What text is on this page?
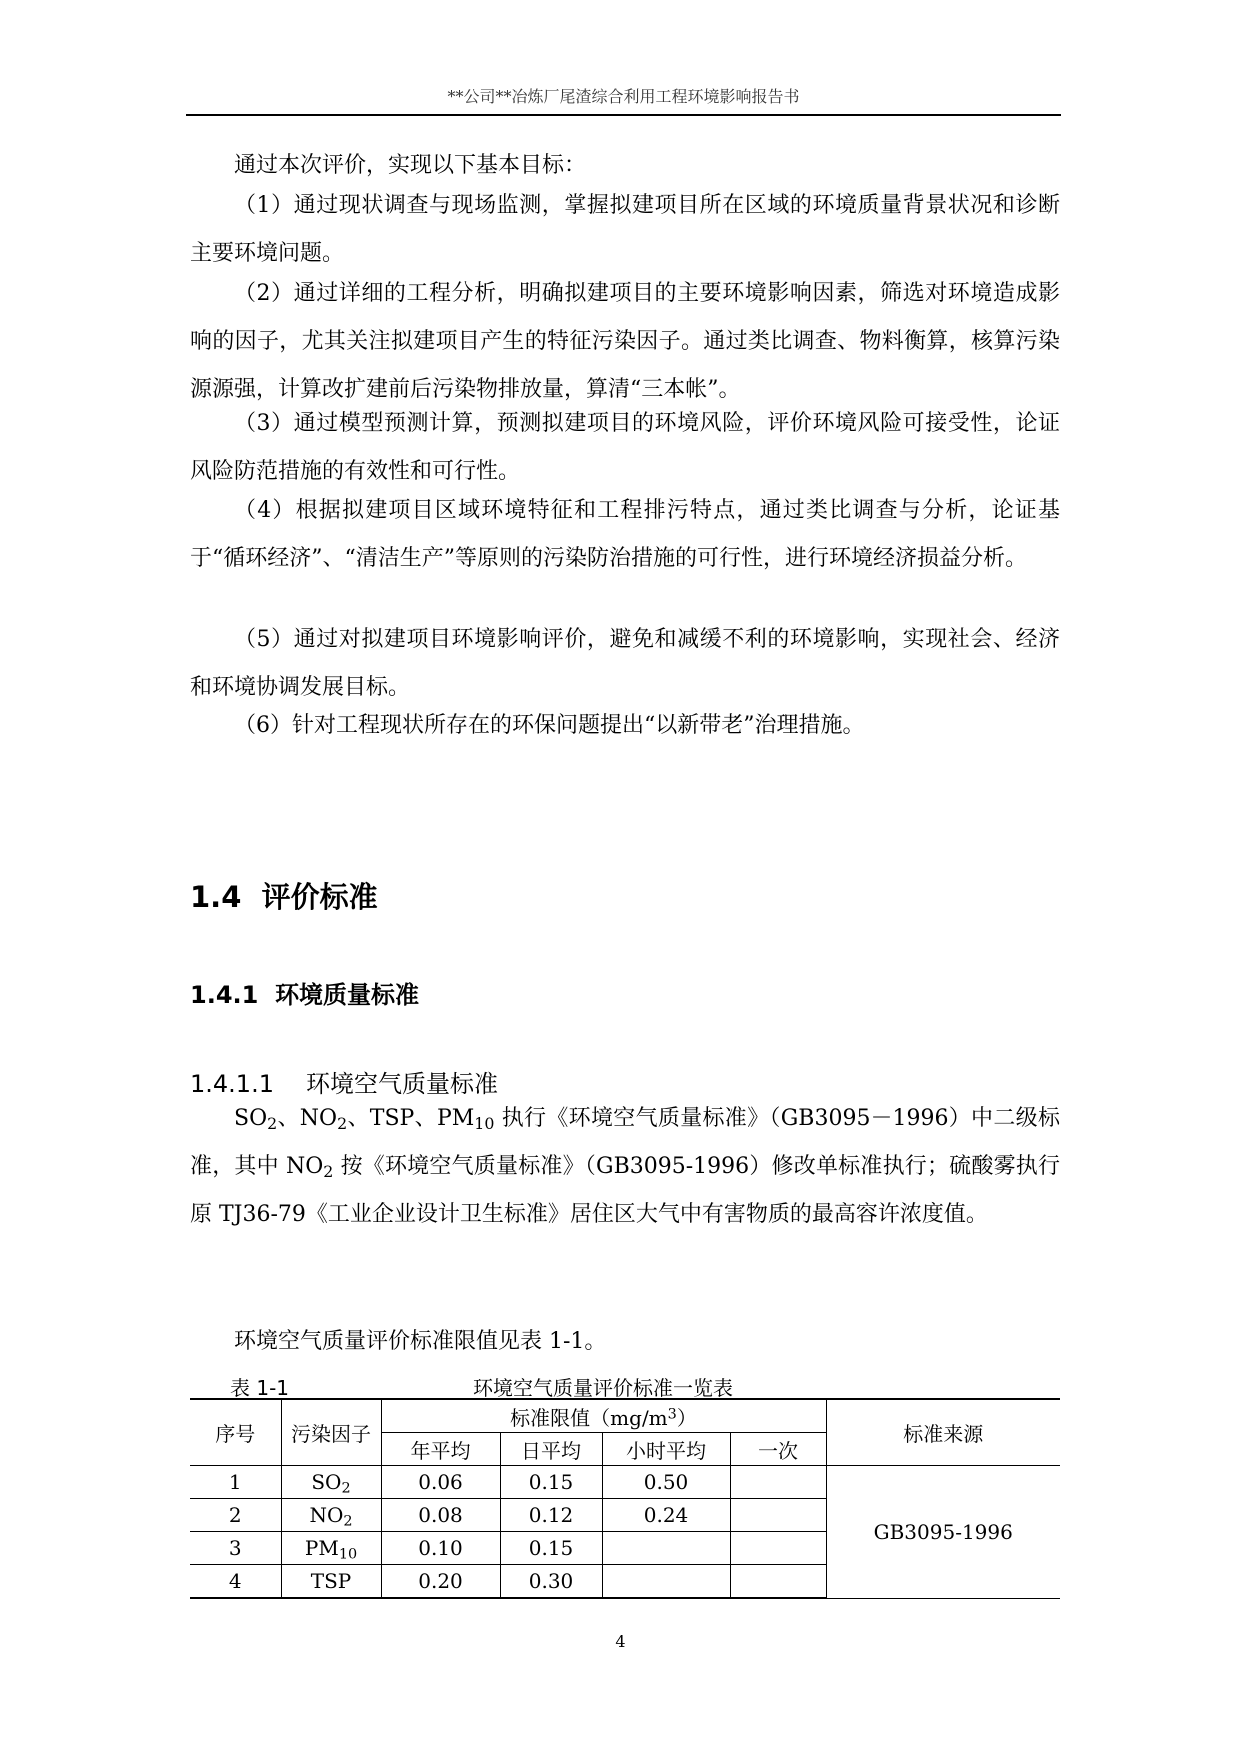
**公司**冶炼厂尾渣综合利用工程环境影响报告书

通过本次评价，实现以下基本目标：

（1）通过现状调查与现场监测，掌握拟建项目所在区域的环境质量背景状况和诊断主要环境问题。

（2）通过详细的工程分析，明确拟建项目的主要环境影响因素，筛选对环境造成影响的因子，尤其关注拟建项目产生的特征污染因子。通过类比调查、物料衡算，核算污染源源强，计算改扩建前后污染物排放量，算清“三本帐”。

（3）通过模型预测计算，预测拟建项目的环境风险，评价环境风险可接受性，论证风险防范措施的有效性和可行性。

（4）根据拟建项目区域环境特征和工程排污特点，通过类比调查与分析，论证基于“循环经济”、“清洁生产”等原则的污染防治措施的可行性，进行环境经济损益分析。

（5）通过对拟建项目环境影响评价，避免和减缓不利的环境影响，实现社会、经济和环境协调发展目标。

（6）针对工程现状所存在的环保问题提出“以新带老”治理措施。

1.4 评价标准
1.4.1 环境质量标准
1.4.1.1 环境空气质量标准

$SO_2$、$NO_2$、TSP、$PM_{10}$ 执行《环境空气质量标准》（GB3095－1996）中二级标准，其中 $NO_2$ 按《环境空气质量标准》（GB3095-1996）修改单标准执行；硫酸雾执行原 TJ36-79《工业企业设计卫生标准》居住区大气中有害物质的最高容许浓度值。

环境空气质量评价标准限值见表 1-1。

表 1-1	环境空气质量评价标准一览表
序号	污染因子	标准限值$(mg/m^3)$				标准来源
		年平均	日平均	小时平均	一次	
1	$SO_2$	0.06	0.15	0.50		GB3095-1996
2	$NO_2$	0.08	0.12	0.24		
3	$PM_{10}$	0.10	0.15			
4	TSP	0.20	0.30			
4
